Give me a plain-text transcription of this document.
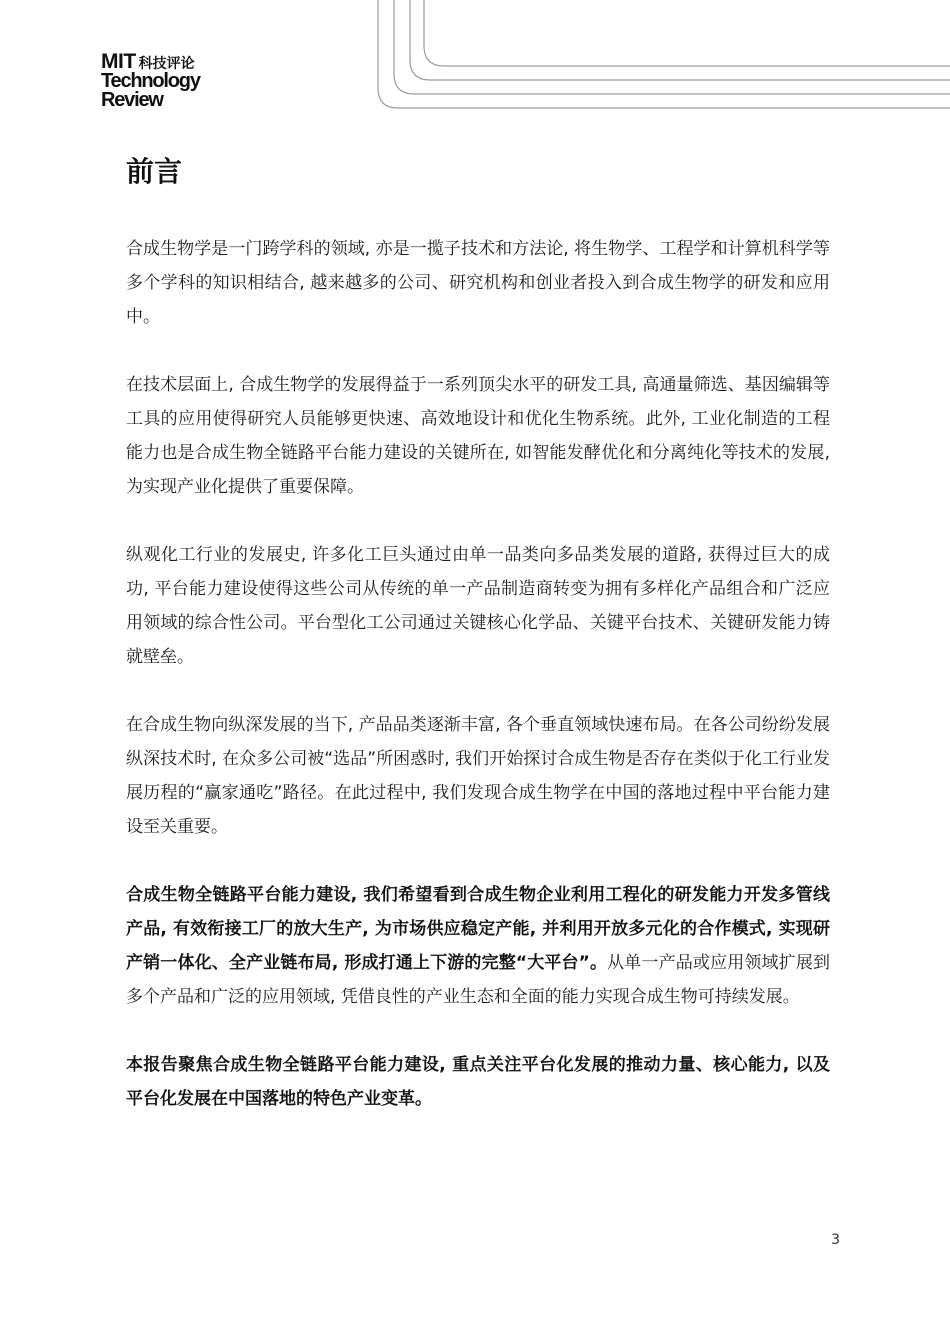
MIT 科技评论
Technology
Review
前言

合成生物学是一门跨学科的领域, 亦是一揽子技术和方法论, 将生物学、工程学和计算机科学等多个学科的知识相结合, 越来越多的公司、研究机构和创业者投入到合成生物学的研发和应用中。

在技术层面上, 合成生物学的发展得益于一系列顶尖水平的研发工具, 高通量筛选、基因编辑等工具的应用使得研究人员能够更快速、高效地设计和优化生物系统。此外, 工业化制造的工程能力也是合成生物全链路平台能力建设的关键所在, 如智能发酵优化和分离纯化等技术的发展, 为实现产业化提供了重要保障。

纵观化工行业的发展史, 许多化工巨头通过由单一品类向多品类发展的道路, 获得过巨大的成功, 平台能力建设使得这些公司从传统的单一产品制造商转变为拥有多样化产品组合和广泛应用领域的综合性公司。平台型化工公司通过关键核心化学品、关键平台技术、关键研发能力铸就壁垒。

在合成生物向纵深发展的当下, 产品品类逐渐丰富, 各个垂直领域快速布局。在各公司纷纷发展纵深技术时, 在众多公司被“选品”所困惑时, 我们开始探讨合成生物是否存在类似于化工行业发展历程的“赢家通吃”路径。在此过程中, 我们发现合成生物学在中国的落地过程中平台能力建设至关重要。

合成生物全链路平台能力建设, 我们希望看到合成生物企业利用工程化的研发能力开发多管线产品, 有效衔接工厂的放大生产, 为市场供应稳定产能, 并利用开放多元化的合作模式, 实现研产销一体化、全产业链布局, 形成打通上下游的完整“大平台”。从单一产品或应用领域扩展到多个产品和广泛的应用领域, 凭借良性的产业生态和全面的能力实现合成生物可持续发展。

本报告聚焦合成生物全链路平台能力建设, 重点关注平台化发展的推动力量、核心能力, 以及平台化发展在中国落地的特色产业变革。

3
